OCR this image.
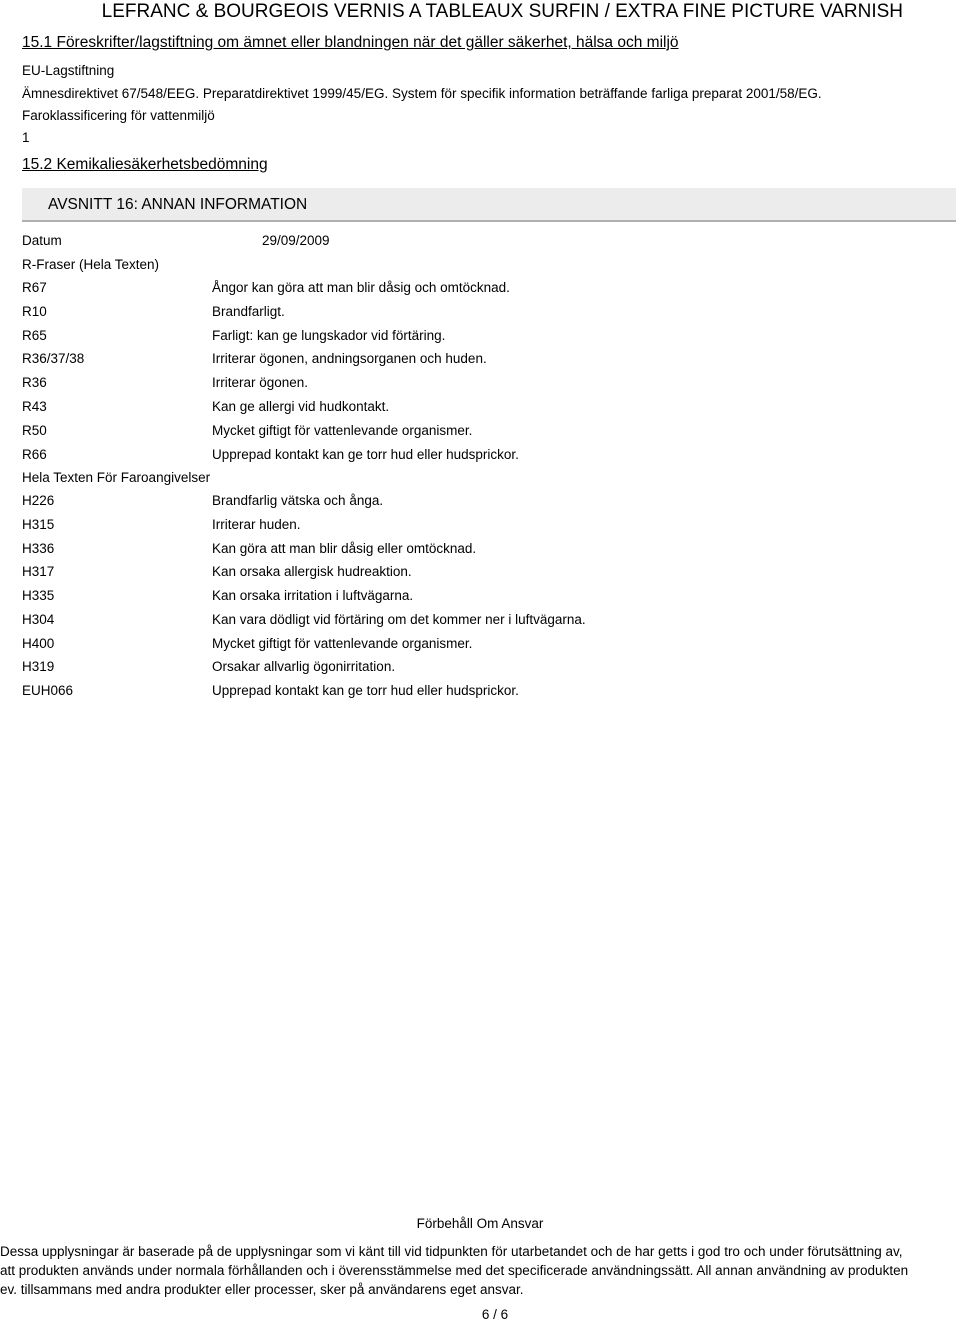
LEFRANC & BOURGEOIS VERNIS A TABLEAUX SURFIN / EXTRA FINE PICTURE VARNISH
15.1 Föreskrifter/lagstiftning om ämnet eller blandningen när det gäller säkerhet, hälsa och miljö
EU-Lagstiftning
Ämnesdirektivet 67/548/EEG. Preparatdirektivet 1999/45/EG. System för specifik information beträffande farliga preparat 2001/58/EG.
Faroklassificering för vattenmiljö
1
15.2 Kemikaliesäkerhetsbedömning
AVSNITT 16: ANNAN INFORMATION
Datum	29/09/2009
R-Fraser (Hela Texten)
R67	Ångor kan göra att man blir dåsig och omtöcknad.
R10	Brandfarligt.
R65	Farligt: kan ge lungskador vid förtäring.
R36/37/38	Irriterar ögonen, andningsorganen och huden.
R36	Irriterar ögonen.
R43	Kan ge allergi vid hudkontakt.
R50	Mycket giftigt för vattenlevande organismer.
R66	Upprepad kontakt kan ge torr hud eller hudsprickor.
Hela Texten För Faroangivelser
H226	Brandfarlig vätska och ånga.
H315	Irriterar huden.
H336	Kan göra att man blir dåsig eller omtöcknad.
H317	Kan orsaka allergisk hudreaktion.
H335	Kan orsaka irritation i luftvägarna.
H304	Kan vara dödligt vid förtäring om det kommer ner i luftvägarna.
H400	Mycket giftigt för vattenlevande organismer.
H319	Orsakar allvarlig ögonirritation.
EUH066	Upprepad kontakt kan ge torr hud eller hudsprickor.
Förbehåll Om Ansvar
Dessa upplysningar är baserade på de upplysningar som vi känt till vid tidpunkten för utarbetandet och de har getts i god tro och under förutsättning av,
att produkten används under normala förhållanden och i överensstämmelse med det specificerade användningssätt. All annan användning av produkten
ev. tillsammans med andra produkter eller processer, sker på användarens eget ansvar.
6 / 6
